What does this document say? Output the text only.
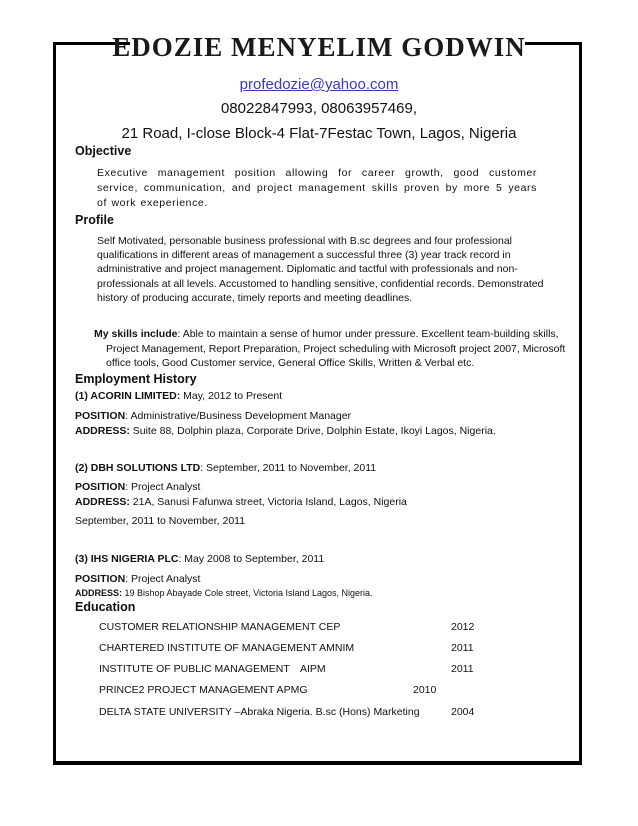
EDOZIE MENYELIM GODWIN
profedozie@yahoo.com
08022847993, 08063957469,
21 Road, I-close Block-4 Flat-7Festac Town, Lagos, Nigeria
Objective
Executive management position allowing for career growth, good customer service, communication, and project management skills proven by more 5 years of work exeperience.
Profile
Self Motivated, personable business professional with B.sc degrees and four professional
qualifications in different areas of management a successful three (3) year track record in
administrative and project management. Diplomatic and tactful with professionals and non-
professionals at all levels. Accustomed to handling sensitive, confidential records. Demonstrated
history of producing accurate, timely reports and meeting deadlines.
My skills include: Able to maintain a sense of humor under pressure. Excellent team-building skills,
Project Management, Report Preparation, Project scheduling with Microsoft project 2007, Microsoft
office tools, Good Customer service, General Office Skills, Written & Verbal etc.
Employment History
(1) ACORIN LIMITED: May, 2012 to Present
POSITION: Administrative/Business Development Manager
ADDRESS: Suite 88, Dolphin plaza, Corporate Drive, Dolphin Estate, Ikoyi Lagos, Nigeria.
(2) DBH SOLUTIONS LTD: September, 2011 to November, 2011
POSITION: Project Analyst
ADDRESS: 21A, Sanusi Fafunwa street, Victoria Island, Lagos, Nigeria
September, 2011 to November, 2011
(3) IHS NIGERIA PLC: May 2008 to September, 2011
POSITION: Project Analyst
ADDRESS: 19 Bishop Abayade Cole street, Victoria Island Lagos, Nigeria.
Education
CUSTOMER RELATIONSHIP MANAGEMENT CEP	2012
CHARTERED INSTITUTE OF MANAGEMENT AMNIM	2011
INSTITUTE OF PUBLIC MANAGEMENT AIPM	2011
PRINCE2 PROJECT MANAGEMENT APMG	2010
DELTA STATE UNIVERSITY –Abraka Nigeria. B.sc (Hons) Marketing	2004
